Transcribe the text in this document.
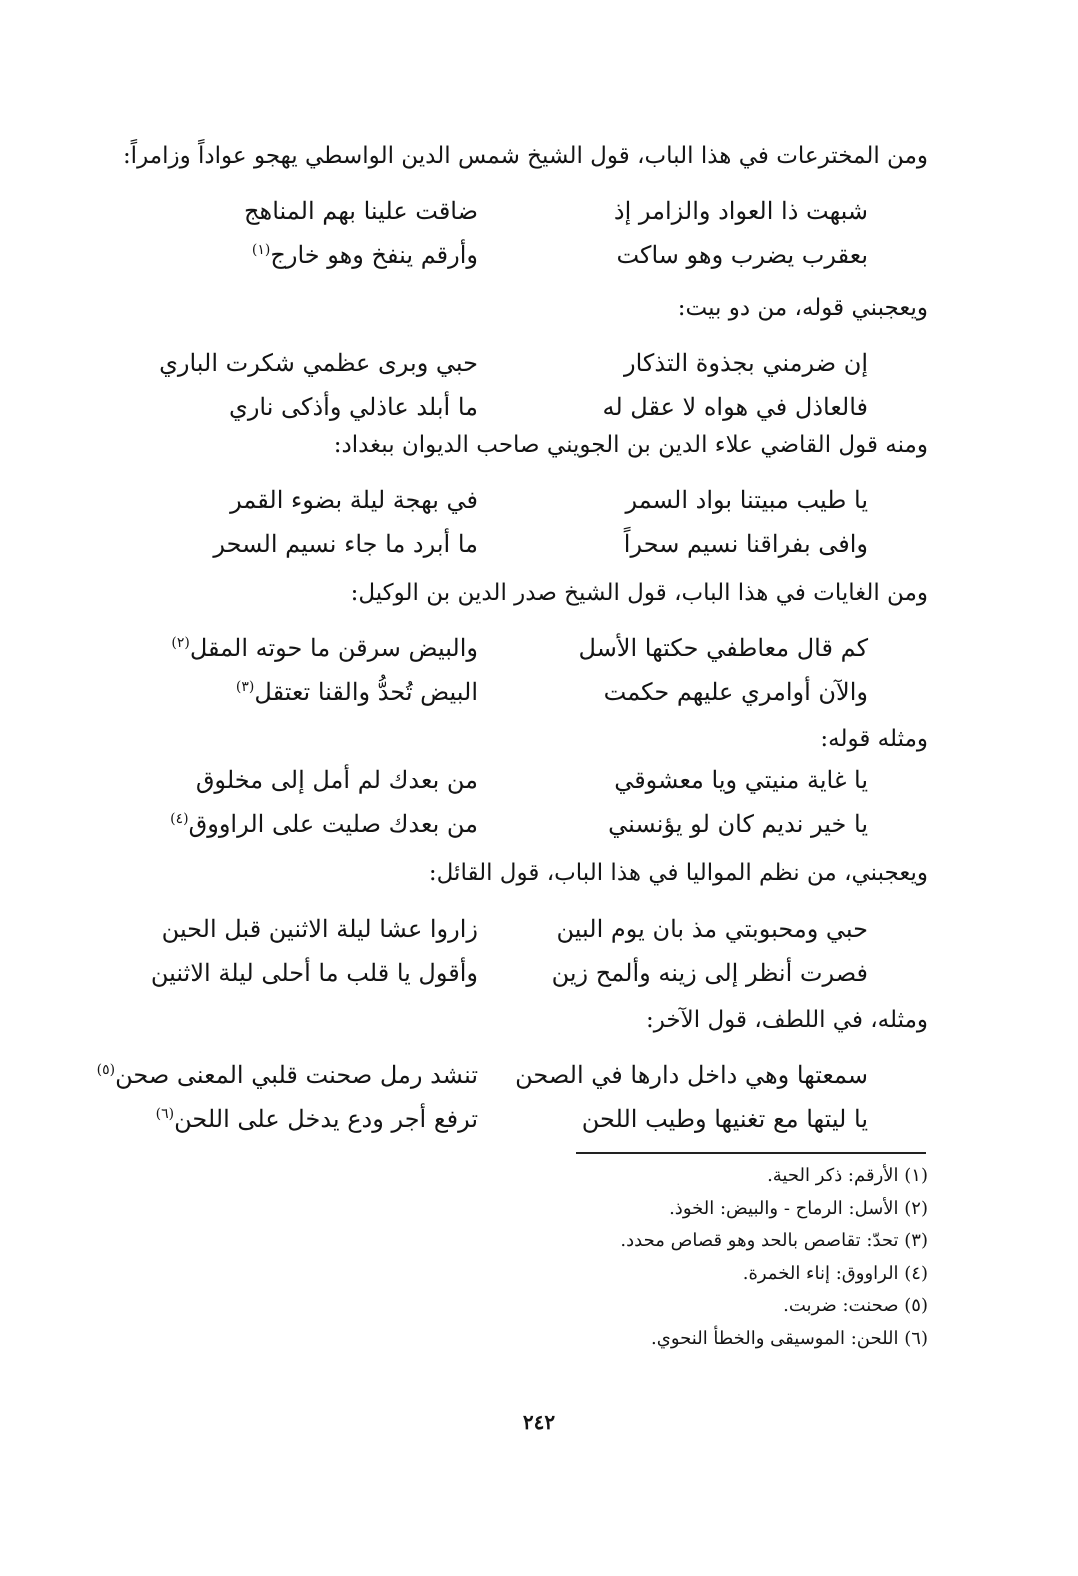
ومن المخترعات في هذا الباب، قول الشيخ شمس الدين الواسطي يهجو عواداً وزامراً:
شبهت ذا العواد والزامر إذ
ضاقت علينا بهم المناهج
بعقرب يضرب وهو ساكت
وأرقم ينفخ وهو خارج$^{(١)}$
ويعجبني قوله، من دو بيت:
إن ضرمني بجذوة التذكار
حبي وبرى عظمي شكرت الباري
فالعاذل في هواه لا عقل له
ما أبلد عاذلي وأذكى ناري
ومنه قول القاضي علاء الدين بن الجويني صاحب الديوان ببغداد:
يا طيب مبيتنا بواد السمر
في بهجة ليلة بضوء القمر
وافى بفراقنا نسيم سحراً
ما أبرد ما جاء نسيم السحر
ومن الغايات في هذا الباب، قول الشيخ صدر الدين بن الوكيل:
كم قال معاطفي حكتها الأسل
والبيض سرقن ما حوته المقل$^{(٢)}$
والآن أوامري عليهم حكمت
البيض تُحدُّ والقنا تعتقل$^{(٣)}$
ومثله قوله:
يا غاية منيتي ويا معشوقي
من بعدك لم أمل إلى مخلوق
يا خير نديم كان لو يؤنسني
من بعدك صليت على الراووق$^{(٤)}$
ويعجبني، من نظم المواليا في هذا الباب، قول القائل:
حبي ومحبوبتي مذ بان يوم البين
زاروا عشا ليلة الاثنين قبل الحين
فصرت أنظر إلى زينه وألمح زين
وأقول يا قلب ما أحلى ليلة الاثنين
ومثله، في اللطف، قول الآخر:
سمعتها وهي داخل دارها في الصحن
تنشد رمل صحنت قلبي المعنى صحن$^{(٥)}$
يا ليتها مع تغنيها وطيب اللحن
ترفع أجر ودع يدخل على اللحن$^{(٦)}$
(١) الأرقم: ذكر الحية.
(٢) الأسل: الرماح - والبيض: الخوذ.
(٣) تحدّ: تقاصص بالحد وهو قصاص محدد.
(٤) الراووق: إناء الخمرة.
(٥) صحنت: ضربت.
(٦) اللحن: الموسيقى والخطأ النحوي.
٢٤٢
